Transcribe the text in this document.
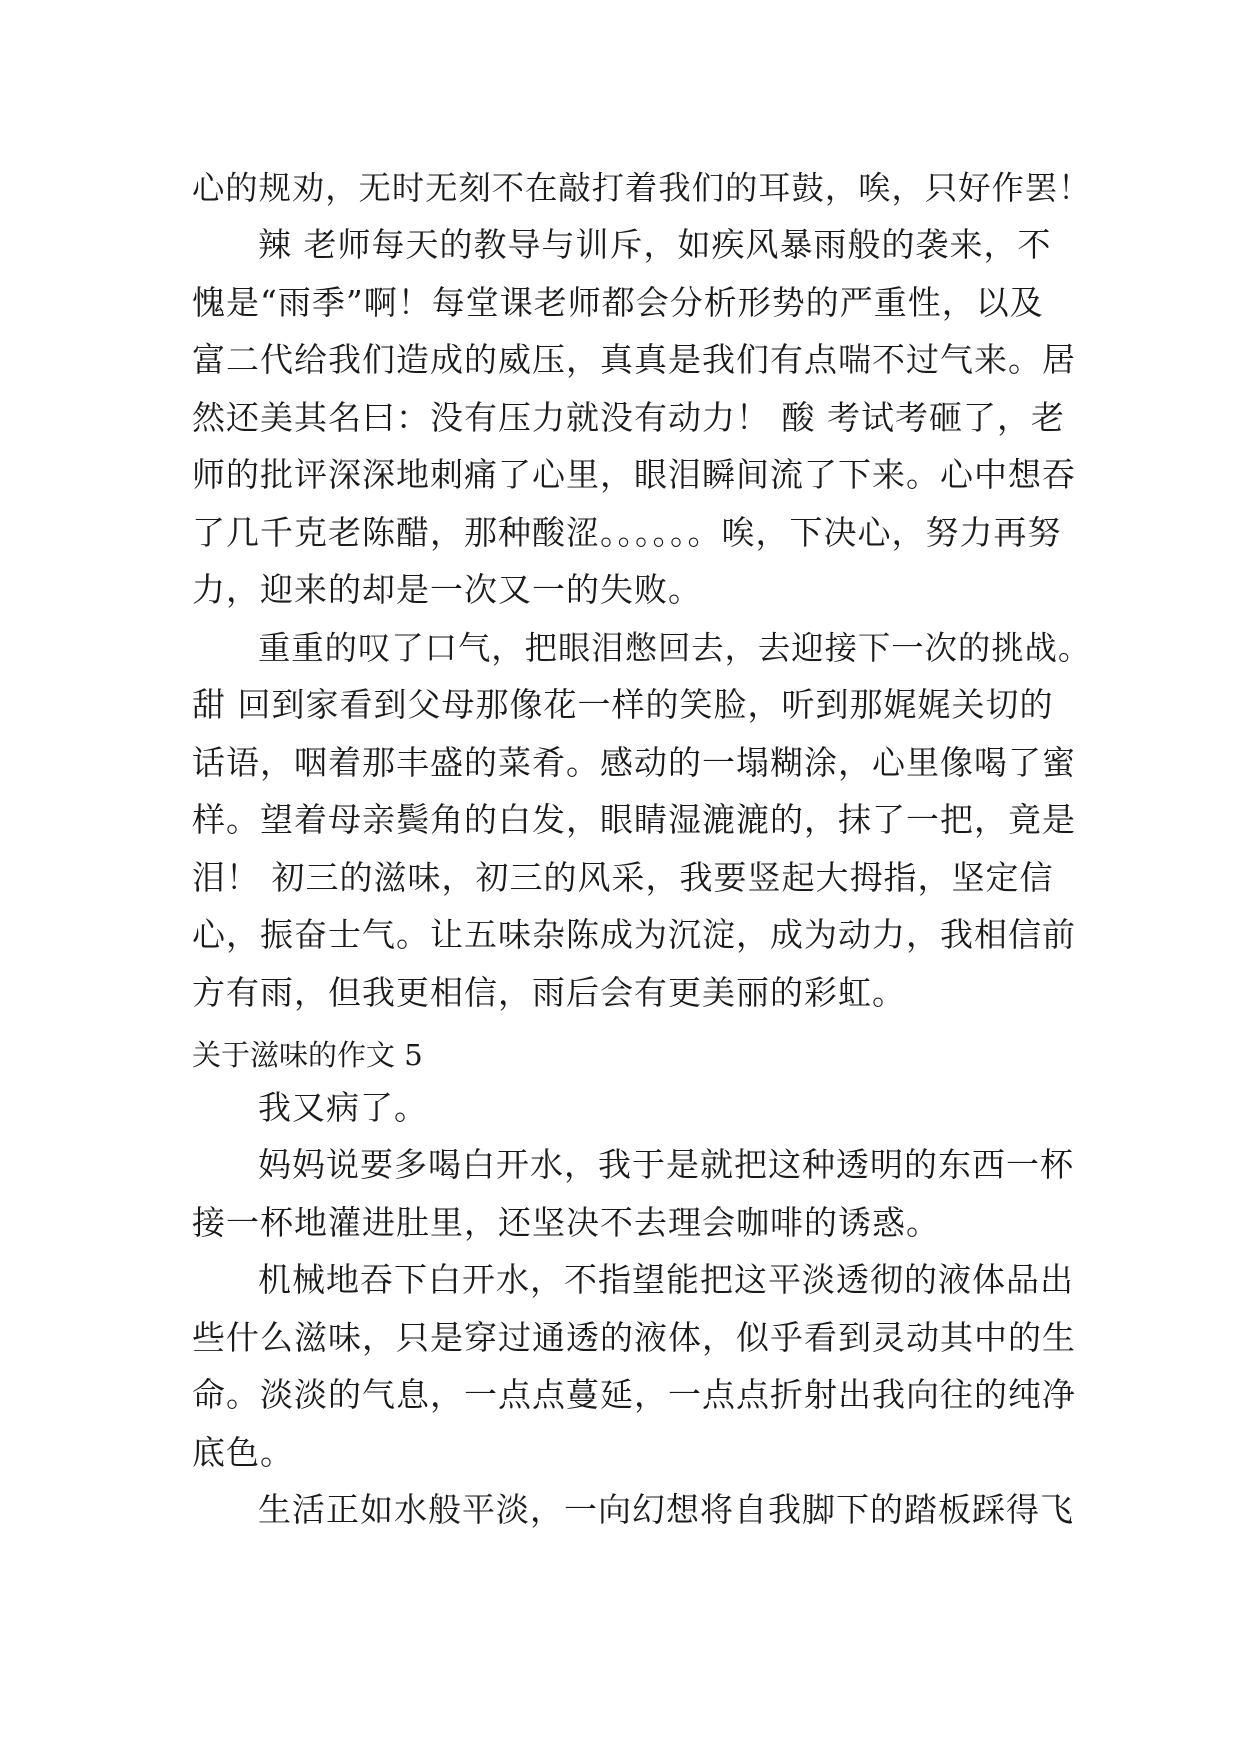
心的规劝，无时无刻不在敲打着我们的耳鼓，唉，只好作罢！
辣 老师每天的教导与训斥，如疾风暴雨般的袭来，不
愧是“雨季”啊！每堂课老师都会分析形势的严重性，以及
富二代给我们造成的威压，真真是我们有点喘不过气来。居
然还美其名曰：没有压力就没有动力！ 酸 考试考砸了，老
师的批评深深地刺痛了心里，眼泪瞬间流了下来。心中想吞
了几千克老陈醋，那种酸涩。。。。。。唉，下决心，努力再努
力，迎来的却是一次又一的失败。
重重的叹了口气，把眼泪憋回去，去迎接下一次的挑战。
甜 回到家看到父母那像花一样的笑脸，听到那娓娓关切的
话语，咽着那丰盛的菜肴。感动的一塌糊涂，心里像喝了蜜
样。望着母亲鬓角的白发，眼睛湿漉漉的，抹了一把，竟是
泪！ 初三的滋味，初三的风采，我要竖起大拇指，坚定信
心，振奋士气。让五味杂陈成为沉淀，成为动力，我相信前
方有雨，但我更相信，雨后会有更美丽的彩虹。
关于滋味的作文 5
我又病了。
妈妈说要多喝白开水，我于是就把这种透明的东西一杯
接一杯地灌进肚里，还坚决不去理会咖啡的诱惑。
机械地吞下白开水，不指望能把这平淡透彻的液体品出
些什么滋味，只是穿过通透的液体，似乎看到灵动其中的生
命。淡淡的气息，一点点蔓延，一点点折射出我向往的纯净
底色。
生活正如水般平淡，一向幻想将自我脚下的踏板踩得飞
